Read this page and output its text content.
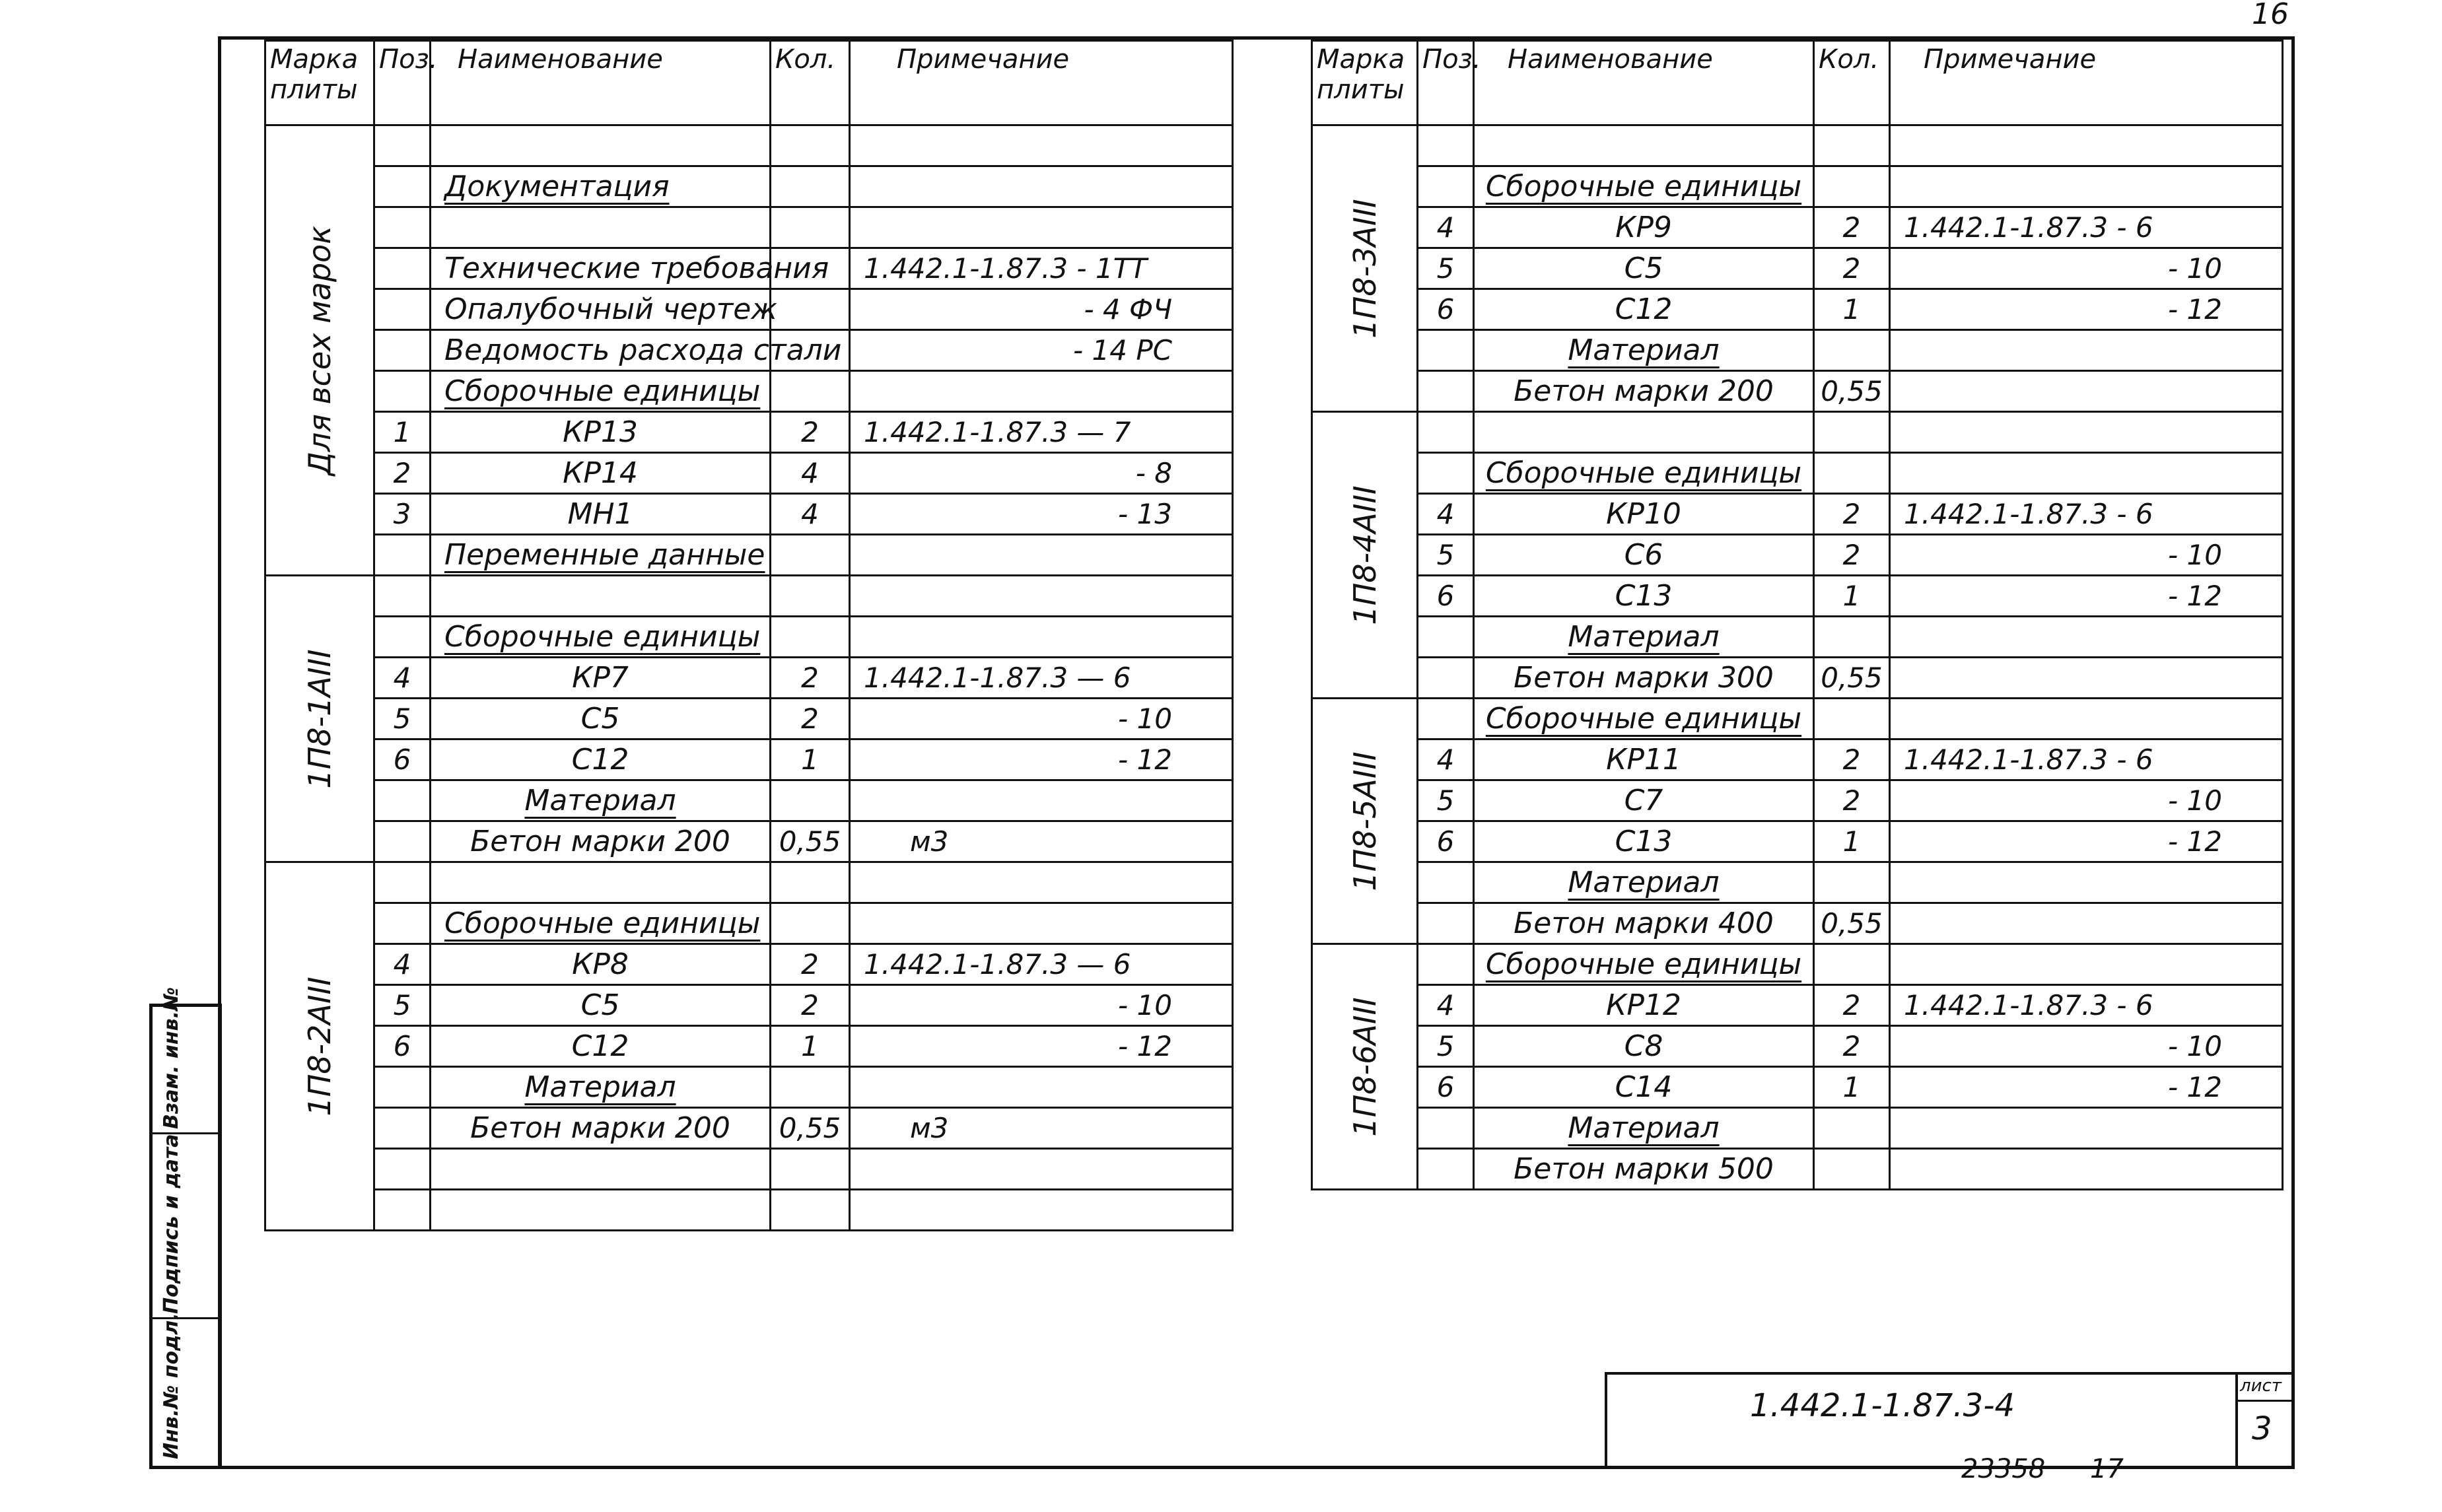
16
Инв.№ подл.
Подпись и дата
Взам. инв.№
Марка плиты	Поз.	Наименование	Кол.	Примечание

Для всех марок				

		Документация		

		Технические требования		1.442.1-1.87.3 - 1ТТ
		Опалубочный чертеж		- 4 ФЧ
		Ведомость расхода стали		- 14 РС
		Сборочные единицы		
	1	КР13	2	1.442.1-1.87.3 — 7
	2	КР14	4	- 8
	3	МН1	4	- 13
		Переменные данные		

1П8-1АIII				

		Сборочные единицы		
	4	КР7	2	1.442.1-1.87.3 — 6
	5	С5	2	- 10
	6	С12	1	- 12
		Материал		
		Бетон марки 200	0,55	м3

1П8-2АIII				

		Сборочные единицы		
	4	КР8	2	1.442.1-1.87.3 — 6
	5	С5	2	- 10
	6	С12	1	- 12
		Материал		
		Бетон марки 200	0,55	м3

Марка плиты	Поз.	Наименование	Кол.	Примечание

1П8-3АIII				

		Сборочные единицы		
	4	КР9	2	1.442.1-1.87.3 - 6
	5	С5	2	- 10
	6	С12	1	- 12
		Материал		
		Бетон марки 200	0,55	

1П8-4АIII				

		Сборочные единицы		
	4	КР10	2	1.442.1-1.87.3 - 6
	5	С6	2	- 10
	6	С13	1	- 12
		Материал		
		Бетон марки 300	0,55	

1П8-5АIII		Сборочные единицы		
	4	КР11	2	1.442.1-1.87.3 - 6
	5	С7	2	- 10
	6	С13	1	- 12
		Материал		
		Бетон марки 400	0,55	

1П8-6АIII		Сборочные единицы		
	4	КР12	2	1.442.1-1.87.3 - 6
	5	С8	2	- 10
	6	С14	1	- 12
		Материал		
		Бетон марки 500		
1.442.1-1.87.3-4
лист
3
23358 17
